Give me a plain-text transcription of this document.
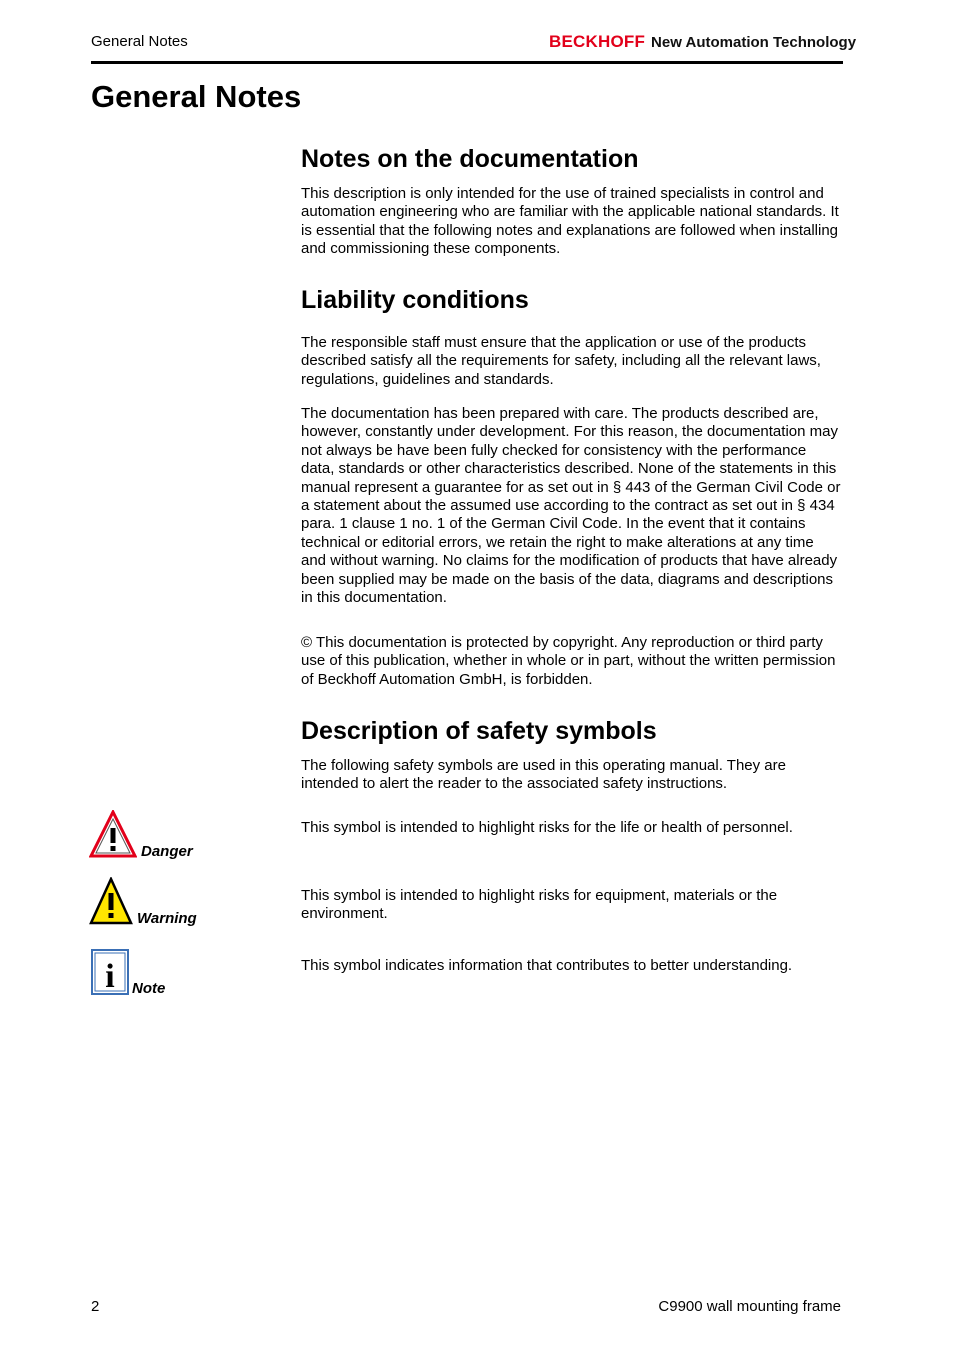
General Notes	BECKHOFF New Automation Technology
General Notes
Notes on the documentation

This description is only intended for the use of trained specialists in control and automation engineering who are familiar with the applicable national standards. It is essential that the following notes and explanations are followed when installing and commissioning these components.

Liability conditions

The responsible staff must ensure that the application or use of the products described satisfy all the requirements for safety, including all the relevant laws, regulations, guidelines and standards.

The documentation has been prepared with care. The products described are, however, constantly under development. For this reason, the documentation may not always be have been fully checked for consistency with the performance data, standards or other characteristics described. None of the statements in this manual represent a guarantee for as set out in § 443 of the German Civil Code or a statement about the assumed use according to the contract as set out in § 434 para. 1 clause 1 no. 1 of the German Civil Code. In the event that it contains technical or editorial errors, we retain the right to make alterations at any time and without warning. No claims for the modification of products that have already been supplied may be made on the basis of the data, diagrams and descriptions in this documentation.

© This documentation is protected by copyright. Any reproduction or third party use of this publication, whether in whole or in part, without the written permission of Beckhoff Automation GmbH, is forbidden.

Description of safety symbols

The following safety symbols are used in this operating manual. They are intended to alert the reader to the associated safety instructions.

Danger

This symbol is intended to highlight risks for the life or health of personnel.

Warning

This symbol is intended to highlight risks for equipment, materials or the environment.

i Note

This symbol indicates information that contributes to better understanding.

2	C9900 wall mounting frame
